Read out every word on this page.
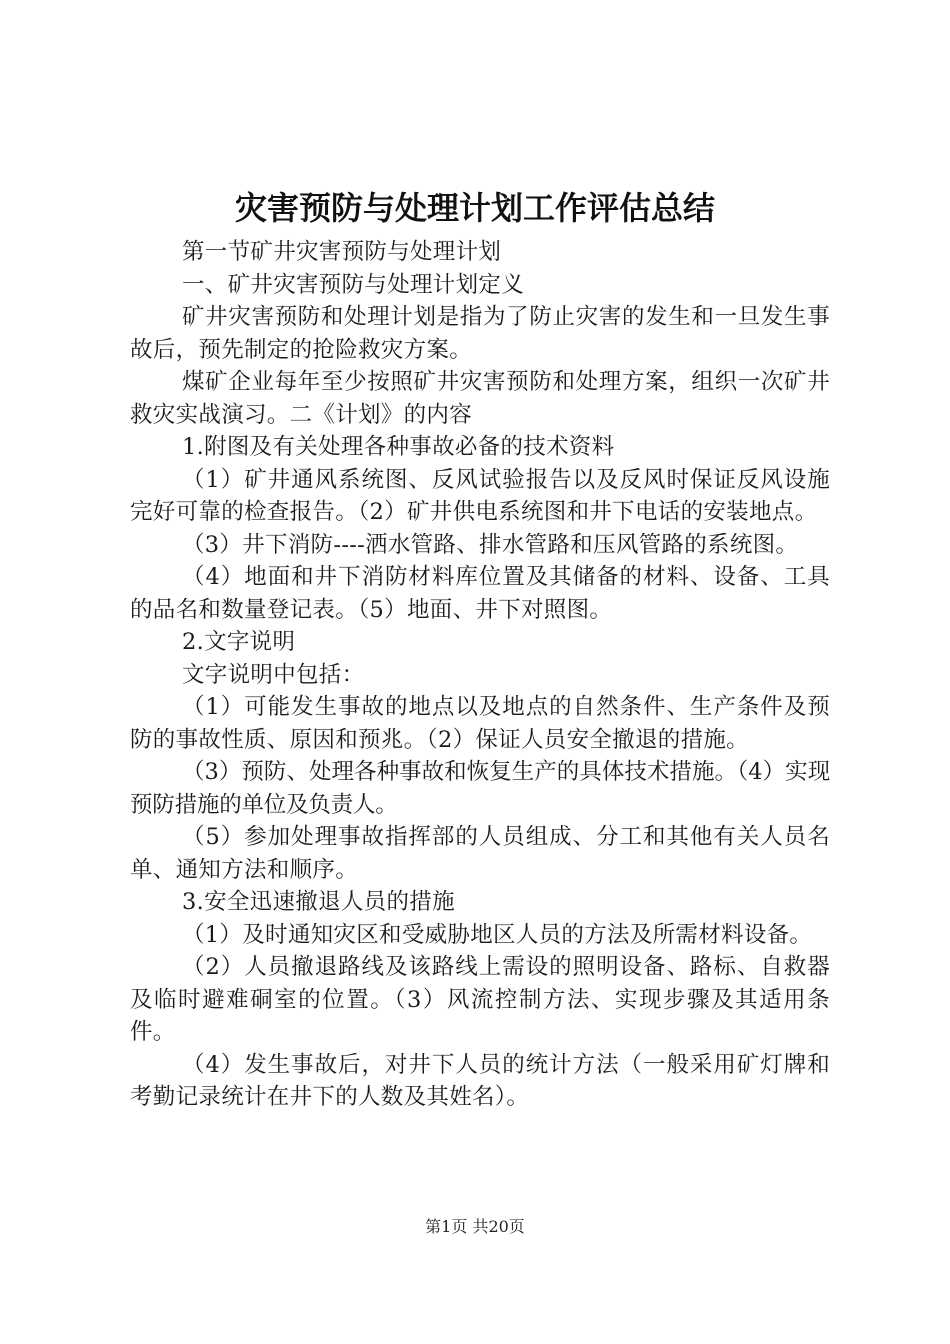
灾害预防与处理计划工作评估总结

第一节矿井灾害预防与处理计划

一、矿井灾害预防与处理计划定义

矿井灾害预防和处理计划是指为了防止灾害的发生和一旦发生事故后，预先制定的抢险救灾方案。

煤矿企业每年至少按照矿井灾害预防和处理方案，组织一次矿井救灾实战演习。二《计划》的内容

1.附图及有关处理各种事故必备的技术资料

（1）矿井通风系统图、反风试验报告以及反风时保证反风设施完好可靠的检查报告。（2）矿井供电系统图和井下电话的安装地点。

（3）井下消防----洒水管路、排水管路和压风管路的系统图。

（4）地面和井下消防材料库位置及其储备的材料、设备、工具的品名和数量登记表。（5）地面、井下对照图。

2.文字说明

文字说明中包括：

（1）可能发生事故的地点以及地点的自然条件、生产条件及预防的事故性质、原因和预兆。（2）保证人员安全撤退的措施。

（3）预防、处理各种事故和恢复生产的具体技术措施。（4）实现预防措施的单位及负责人。

（5）参加处理事故指挥部的人员组成、分工和其他有关人员名单、通知方法和顺序。

3.安全迅速撤退人员的措施

（1）及时通知灾区和受威胁地区人员的方法及所需材料设备。

（2）人员撤退路线及该路线上需设的照明设备、路标、自救器及临时避难硐室的位置。（3）风流控制方法、实现步骤及其适用条件。

（4）发生事故后，对井下人员的统计方法（一般采用矿灯牌和考勤记录统计在井下的人数及其姓名）。

第1页 共20页
